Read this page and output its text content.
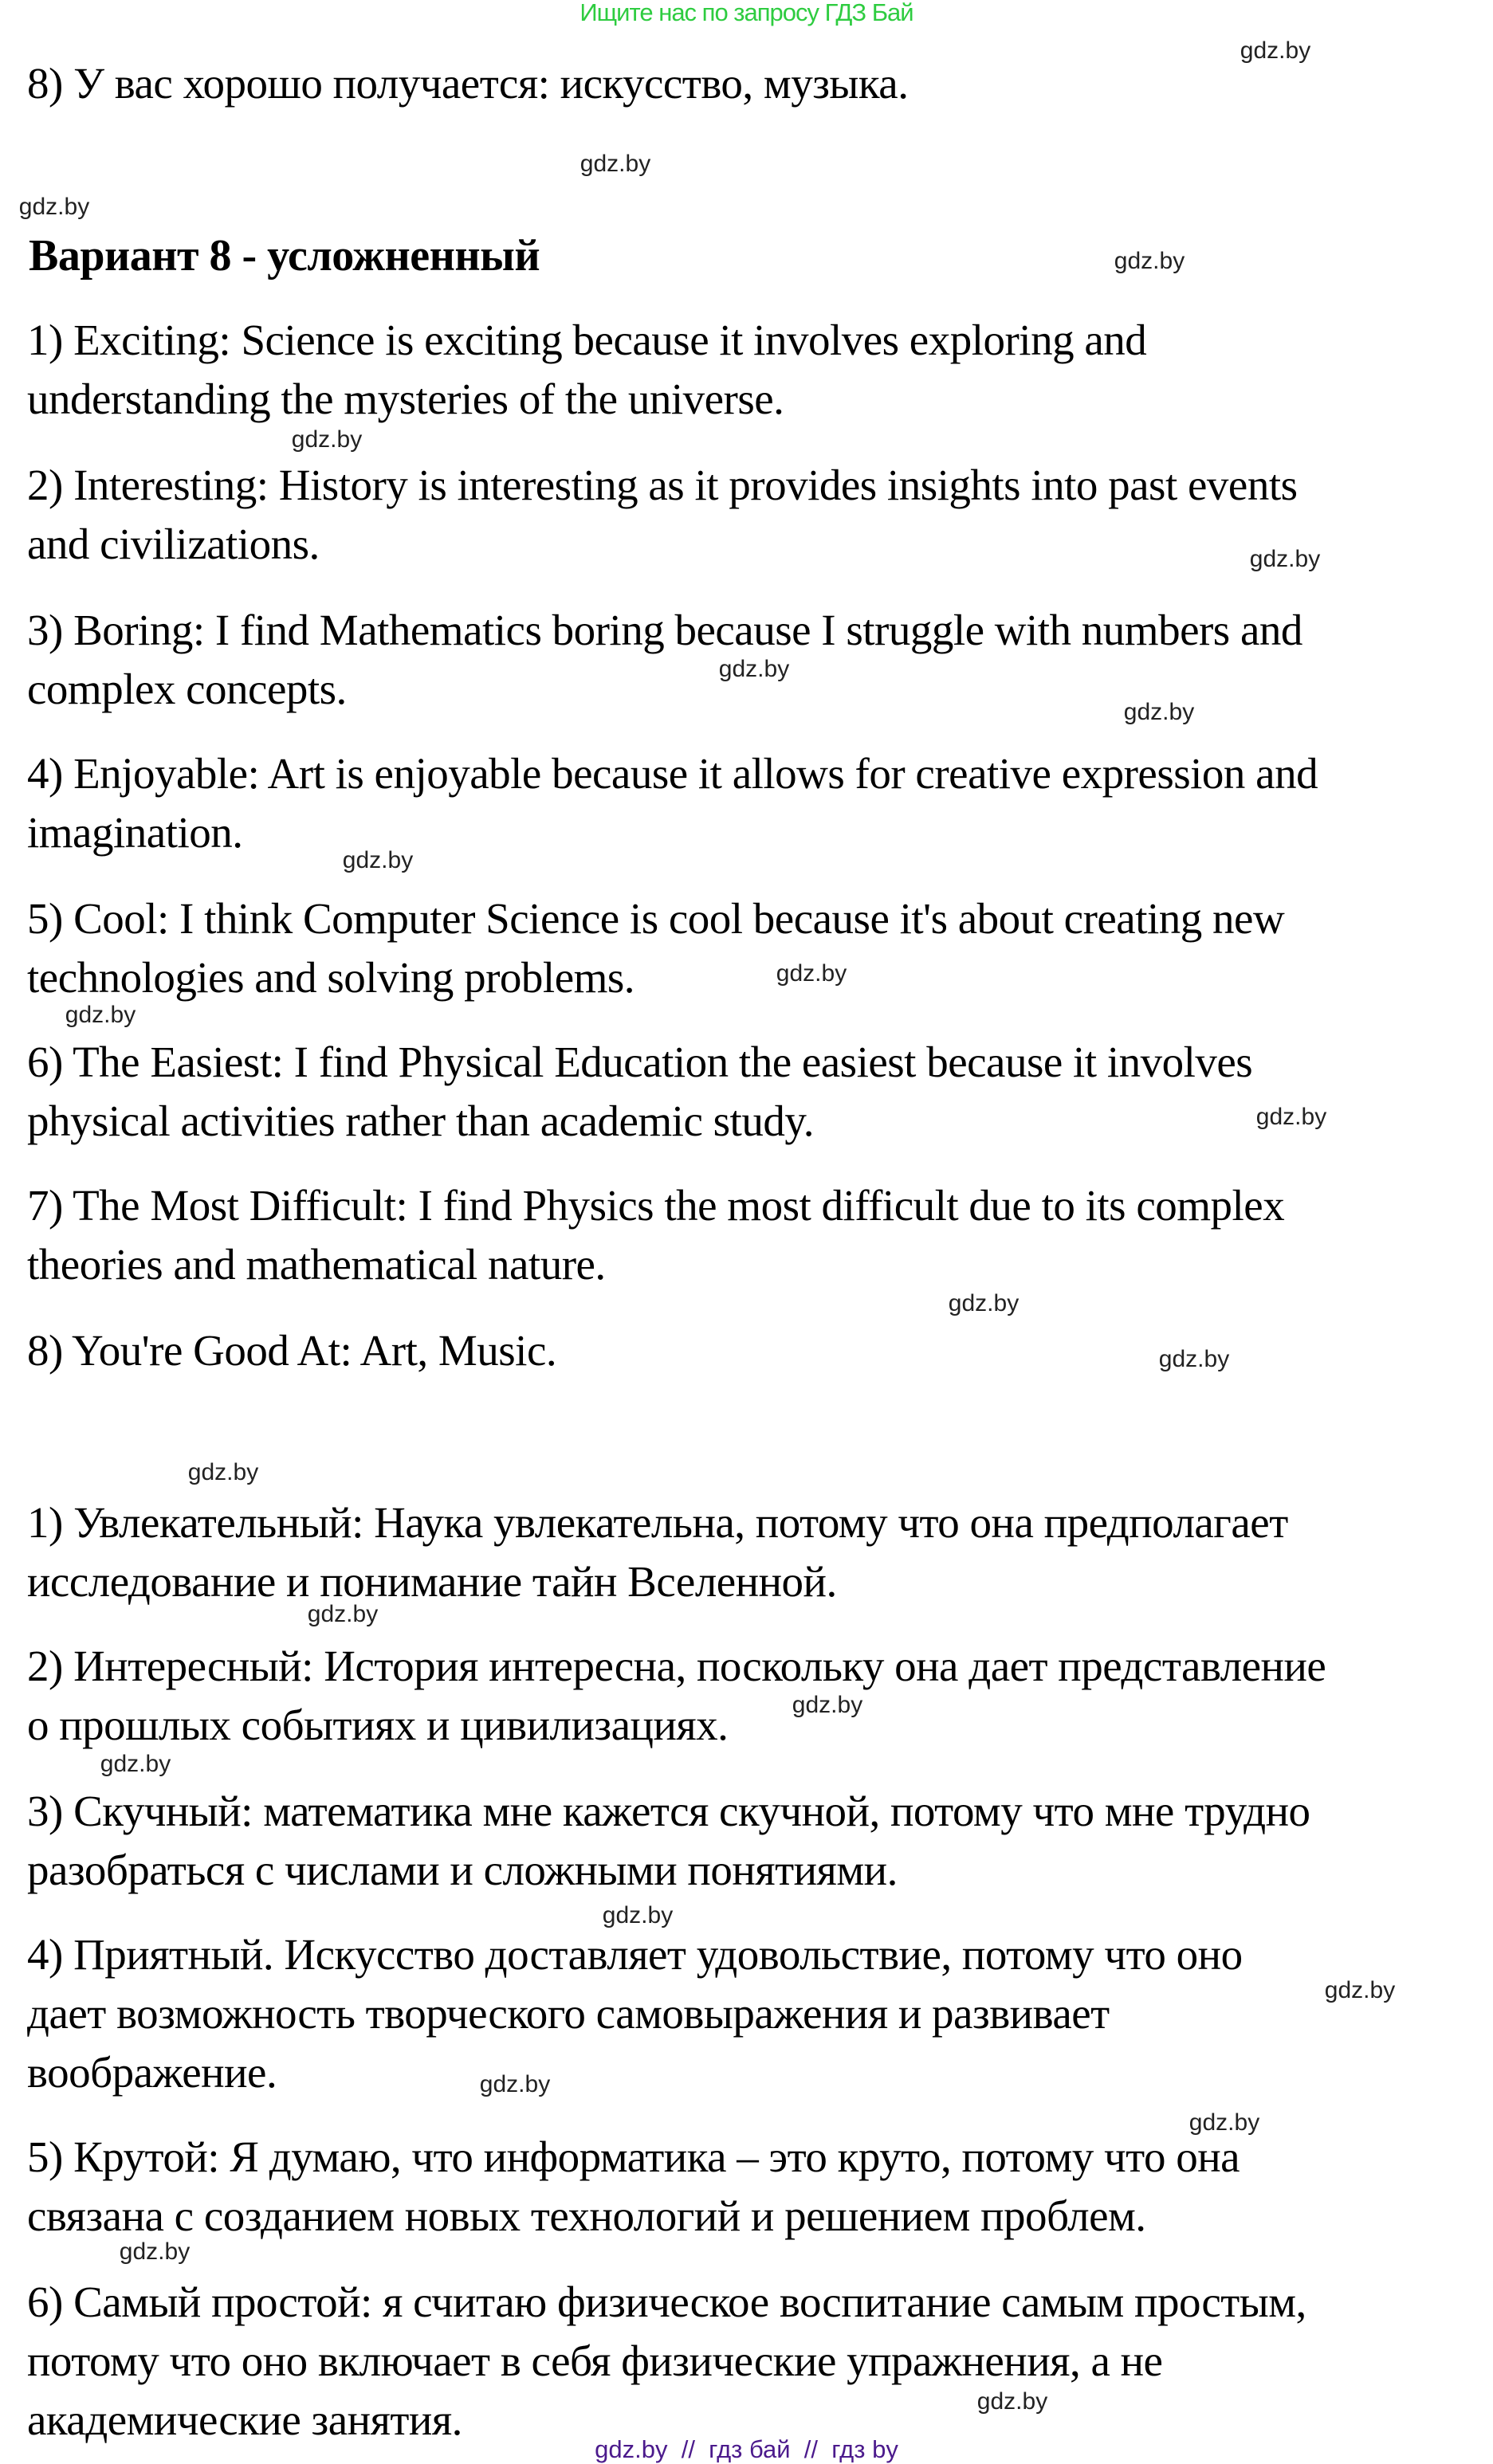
Ищите нас по запросу ГДЗ Бай
8) У вас хорошо получается: искусство, музыка.
Вариант 8 - усложненный
1) Exciting: Science is exciting because it involves exploring and
understanding the mysteries of the universe.
2) Interesting: History is interesting as it provides insights into past events
and civilizations.
3) Boring: I find Mathematics boring because I struggle with numbers and
complex concepts.
4) Enjoyable: Art is enjoyable because it allows for creative expression and
imagination.
5) Cool: I think Computer Science is cool because it's about creating new
technologies and solving problems.
6) The Easiest: I find Physical Education the easiest because it involves
physical activities rather than academic study.
7) The Most Difficult: I find Physics the most difficult due to its complex
theories and mathematical nature.
8) You're Good At: Art, Music.
1) Увлекательный: Наука увлекательна, потому что она предполагает
исследование и понимание тайн Вселенной.
2) Интересный: История интересна, поскольку она дает представление
о прошлых событиях и цивилизациях.
3) Скучный: математика мне кажется скучной, потому что мне трудно
разобраться с числами и сложными понятиями.
4) Приятный. Искусство доставляет удовольствие, потому что оно
дает возможность творческого самовыражения и развивает
воображение.
5) Крутой: Я думаю, что информатика – это круто, потому что она
связана с созданием новых технологий и решением проблем.
6) Самый простой: я считаю физическое воспитание самым простым,
потому что оно включает в себя физические упражнения, а не
академические занятия.
gdz.by
gdz.by
gdz.by
gdz.by
gdz.by
gdz.by
gdz.by
gdz.by
gdz.by
gdz.by
gdz.by
gdz.by
gdz.by
gdz.by
gdz.by
gdz.by
gdz.by
gdz.by
gdz.by
gdz.by
gdz.by
gdz.by
gdz.by
gdz.by
gdz.by  //  гдз бай  //  гдз by
